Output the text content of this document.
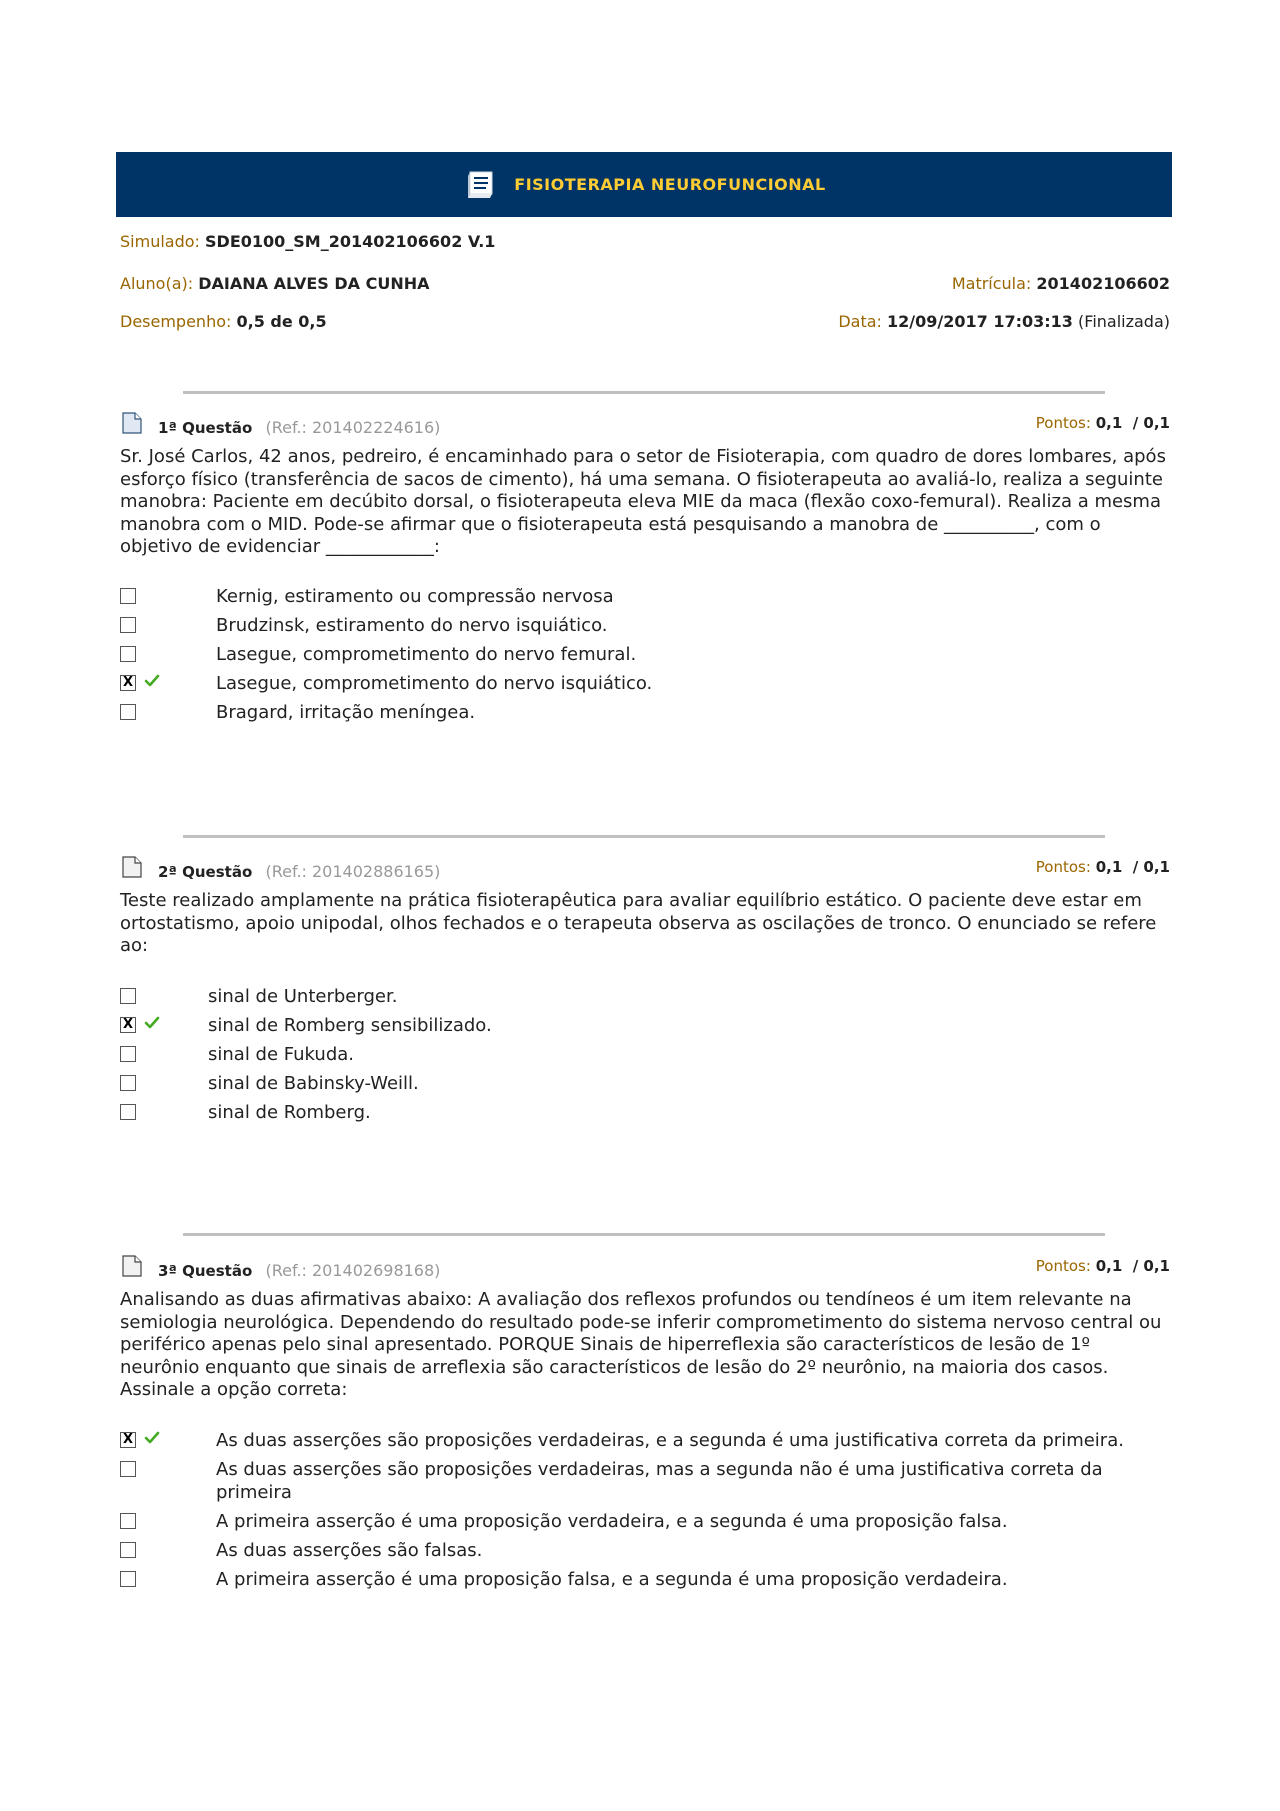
FISIOTERAPIA NEUROFUNCIONAL
Simulado: SDE0100_SM_201402106602 V.1
Aluno(a): DAIANA ALVES DA CUNHA	Matrícula: 201402106602
Desempenho: 0,5 de 0,5	Data: 12/09/2017 17:03:13 (Finalizada)
1ª Questão (Ref.: 201402224616)	Pontos: 0,1  / 0,1
Sr. José Carlos, 42 anos, pedreiro, é encaminhado para o setor de Fisioterapia, com quadro de dores lombares, após esforço físico (transferência de sacos de cimento), há uma semana. O fisioterapeuta ao avaliá-lo, realiza a seguinte manobra: Paciente em decúbito dorsal, o fisioterapeuta eleva MIE da maca (flexão coxo-femural). Realiza a mesma manobra com o MID. Pode-se afirmar que o fisioterapeuta está pesquisando a manobra de __________, com o objetivo de evidenciar ____________:
Kernig, estiramento ou compressão nervosa
Brudzinsk, estiramento do nervo isquiático.
Lasegue, comprometimento do nervo femural.
X	Lasegue, comprometimento do nervo isquiático.
Bragard, irritação meníngea.
2ª Questão (Ref.: 201402886165)	Pontos: 0,1  / 0,1
Teste realizado amplamente na prática fisioterapêutica para avaliar equilíbrio estático. O paciente deve estar em ortostatismo, apoio unipodal, olhos fechados e o terapeuta observa as oscilações de tronco. O enunciado se refere ao:
sinal de Unterberger.
X	sinal de Romberg sensibilizado.
sinal de Fukuda.
sinal de Babinsky-Weill.
sinal de Romberg.
3ª Questão (Ref.: 201402698168)	Pontos: 0,1  / 0,1
Analisando as duas afirmativas abaixo: A avaliação dos reflexos profundos ou tendíneos é um item relevante na semiologia neurológica. Dependendo do resultado pode-se inferir comprometimento do sistema nervoso central ou periférico apenas pelo sinal apresentado. PORQUE Sinais de hiperreflexia são característicos de lesão de 1º neurônio enquanto que sinais de arreflexia são característicos de lesão do 2º neurônio, na maioria dos casos. Assinale a opção correta:
X	As duas asserções são proposições verdadeiras, e a segunda é uma justificativa correta da primeira.
As duas asserções são proposições verdadeiras, mas a segunda não é uma justificativa correta da primeira
A primeira asserção é uma proposição verdadeira, e a segunda é uma proposição falsa.
As duas asserções são falsas.
A primeira asserção é uma proposição falsa, e a segunda é uma proposição verdadeira.
